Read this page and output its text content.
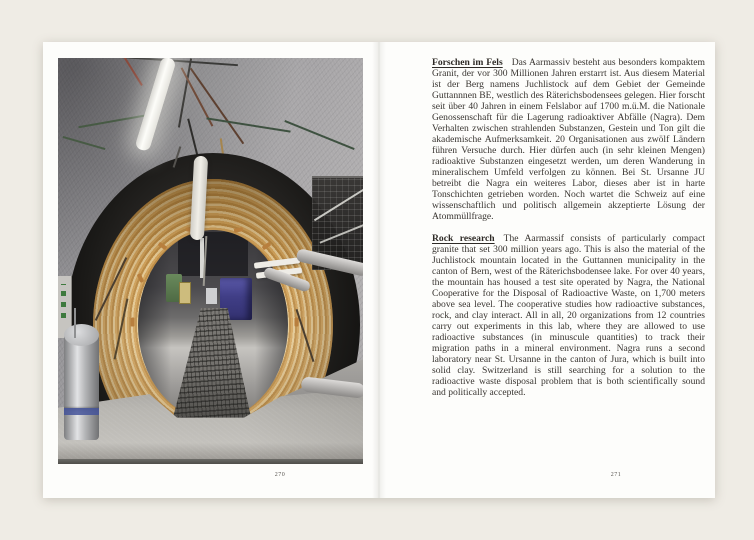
270

Forschen im Fels Das Aarmassiv besteht aus besonders kompaktem Granit, der vor 300 Millionen Jahren erstarrt ist. Aus diesem Material ist der Berg namens Juchlistock auf dem Gebiet der Gemeinde Guttannnen BE, westlich des Räterichsbodensees gelegen. Hier forscht seit über 40 Jahren in einem Felslabor auf 1700 m.ü.M. die Nationale Genossenschaft für die Lagerung radioaktiver Abfälle (Nagra). Dem Verhalten zwischen strahlenden Substanzen, Gestein und Ton gilt die akademische Aufmerksamkeit. 20 Organisationen aus zwölf Ländern führen Versuche durch. Hier dürfen auch (in sehr kleinen Mengen) radioaktive Substanzen eingesetzt werden, um deren Wanderung in mineralischem Umfeld verfolgen zu können. Bei St. Ursanne JU betreibt die Nagra ein weiteres Labor, dieses aber ist in harte Tonschichten getrieben worden. Noch wartet die Schweiz auf eine wissenschaftlich und politisch allgemein akzeptierte Lösung der Atommüllfrage.

Rock research The Aarmassif consists of particularly compact granite that set 300 million years ago. This is also the material of the Juchlistock mountain located in the Guttannen municipality in the canton of Bern, west of the Räterichsbodensee lake. For over 40 years, the mountain has housed a test site operated by Nagra, the National Cooperative for the Disposal of Radioactive Waste, on 1,700 meters above sea level. The cooperative studies how radioactive substances, rock, and clay interact. All in all, 20 organizations from 12 countries carry out experiments in this lab, where they are allowed to use radioactive substances (in minuscule quantities) to track their migration paths in a mineral environment. Nagra runs a second laboratory near St. Ursanne in the canton of Jura, which is built into solid clay. Switzerland is still searching for a solution to the radioactive waste disposal problem that is both scientifically sound and politically accepted.

271
